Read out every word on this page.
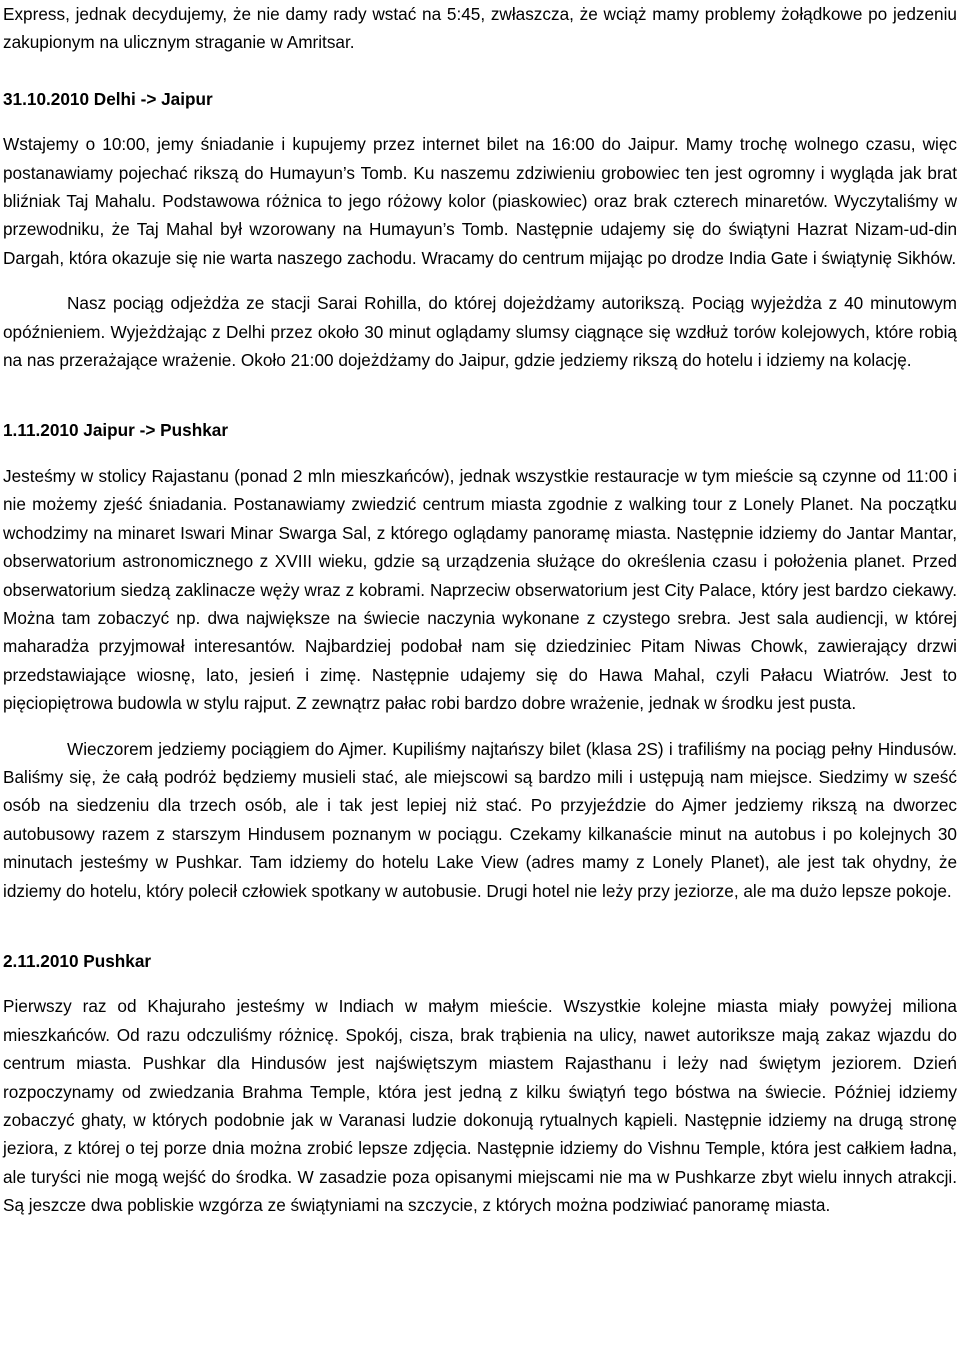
Express, jednak decydujemy, że nie damy rady wstać na 5:45, zwłaszcza, że wciąż mamy problemy żołądkowe po jedzeniu zakupionym na ulicznym straganie w Amritsar.

31.10.2010 Delhi -> Jaipur

Wstajemy o 10:00, jemy śniadanie i kupujemy przez internet bilet na 16:00 do Jaipur. Mamy trochę wolnego czasu, więc postanawiamy pojechać rikszą do Humayun’s Tomb. Ku naszemu zdziwieniu grobowiec ten jest ogromny i wygląda jak brat bliźniak Taj Mahalu. Podstawowa różnica to jego różowy kolor (piaskowiec) oraz brak czterech minaretów. Wyczytaliśmy w przewodniku, że Taj Mahal był wzorowany na Humayun’s Tomb. Następnie udajemy się do świątyni Hazrat Nizam-ud-din Dargah, która okazuje się nie warta naszego zachodu. Wracamy do centrum mijając po drodze India Gate i świątynię Sikhów.

Nasz pociąg odjeżdża ze stacji Sarai Rohilla, do której dojeżdżamy autorikszą. Pociąg wyjeżdża z 40 minutowym opóźnieniem. Wyjeżdżając z Delhi przez około 30 minut oglądamy slumsy ciągnące się wzdłuż torów kolejowych, które robią na nas przerażające wrażenie. Około 21:00 dojeżdżamy do Jaipur, gdzie jedziemy rikszą do hotelu i idziemy na kolację.

1.11.2010 Jaipur -> Pushkar

Jesteśmy w stolicy Rajastanu (ponad 2 mln mieszkańców), jednak wszystkie restauracje w tym mieście są czynne od 11:00 i nie możemy zjeść śniadania. Postanawiamy zwiedzić centrum miasta zgodnie z walking tour z Lonely Planet. Na początku wchodzimy na minaret Iswari Minar Swarga Sal, z którego oglądamy panoramę miasta. Następnie idziemy do Jantar Mantar, obserwatorium astronomicznego z XVIII wieku, gdzie są urządzenia służące do określenia czasu i położenia planet. Przed obserwatorium siedzą zaklinacze węży wraz z kobrami. Naprzeciw obserwatorium jest City Palace, który jest bardzo ciekawy. Można tam zobaczyć np. dwa największe na świecie naczynia wykonane z czystego srebra. Jest sala audiencji, w której maharadża przyjmował interesantów. Najbardziej podobał nam się dziedziniec Pitam Niwas Chowk, zawierający drzwi przedstawiające wiosnę, lato, jesień i zimę. Następnie udajemy się do Hawa Mahal, czyli Pałacu Wiatrów. Jest to pięciopiętrowa budowla w stylu rajput. Z zewnątrz pałac robi bardzo dobre wrażenie, jednak w środku jest pusta.

Wieczorem jedziemy pociągiem do Ajmer. Kupiliśmy najtańszy bilet (klasa 2S) i trafiliśmy na pociąg pełny Hindusów. Baliśmy się, że całą podróż będziemy musieli stać, ale miejscowi są bardzo mili i ustępują nam miejsce. Siedzimy w sześć osób na siedzeniu dla trzech osób, ale i tak jest lepiej niż stać. Po przyjeździe do Ajmer jedziemy rikszą na dworzec autobusowy razem z starszym Hindusem poznanym w pociągu. Czekamy kilkanaście minut na autobus i po kolejnych 30 minutach jesteśmy w Pushkar. Tam idziemy do hotelu Lake View (adres mamy z Lonely Planet), ale jest tak ohydny, że idziemy do hotelu, który polecił człowiek spotkany w autobusie. Drugi hotel nie leży przy jeziorze, ale ma dużo lepsze pokoje.

2.11.2010 Pushkar

Pierwszy raz od Khajuraho jesteśmy w Indiach w małym mieście. Wszystkie kolejne miasta miały powyżej miliona mieszkańców. Od razu odczuliśmy różnicę. Spokój, cisza, brak trąbienia na ulicy, nawet autoriksze mają zakaz wjazdu do centrum miasta. Pushkar dla Hindusów jest najświętszym miastem Rajasthanu i leży nad świętym jeziorem. Dzień rozpoczynamy od zwiedzania Brahma Temple, która jest jedną z kilku świątyń tego bóstwa na świecie. Później idziemy zobaczyć ghaty, w których podobnie jak w Varanasi ludzie dokonują rytualnych kąpieli. Następnie idziemy na drugą stronę jeziora, z której o tej porze dnia można zrobić lepsze zdjęcia. Następnie idziemy do Vishnu Temple, która jest całkiem ładna, ale turyści nie mogą wejść do środka. W zasadzie poza opisanymi miejscami nie ma w Pushkarze zbyt wielu innych atrakcji. Są jeszcze dwa pobliskie wzgórza ze świątyniami na szczycie, z których można podziwiać panoramę miasta.
